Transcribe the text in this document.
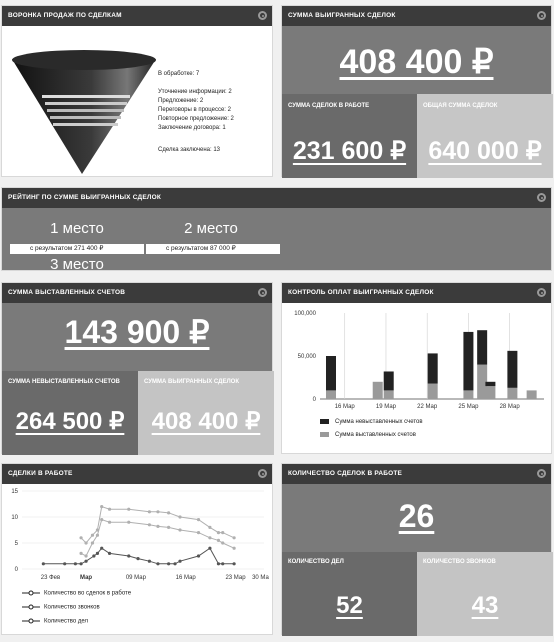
ВОРОНКА ПРОДАЖ ПО СДЕЛКАМ
В обработке: 7
Уточнение информации: 2
Предложение: 2
Переговоры в процессе: 2
Повторное предложение: 2
Заключение договора: 1
Сделка заключена: 13
СУММА ВЫИГРАННЫХ СДЕЛОК
408 400 ₽
СУММА СДЕЛОК В РАБОТЕ
231 600 ₽
ОБЩАЯ СУММА СДЕЛОК
640 000 ₽
РЕЙТИНГ ПО СУММЕ ВЫИГРАННЫХ СДЕЛОК
1 место
с результатом 271 400 ₽
2 место
с результатом 87 000 ₽
3 место
СУММА ВЫСТАВЛЕННЫХ СЧЕТОВ
143 900 ₽
СУММА НЕВЫСТАВЛЕННЫХ СЧЕТОВ
264 500 ₽
СУММА ВЫИГРАННЫХ СДЕЛОК
408 400 ₽
КОНТРОЛЬ ОПЛАТ ВЫИГРАННЫХ СДЕЛОК
0
50,000
100,000
16 Мар	19 Мар	22 Мар	25 Мар	28 Мар
Сумма невыставленных счетов
Сумма выставленных счетов
СДЕЛКИ В РАБОТЕ
0
5
10
15
23 Фев	Мар	09 Мар	16 Мар	23 Мар 30 Ма
Количество во сделок в работе
Количество звонков
Количество дел
КОЛИЧЕСТВО СДЕЛОК В РАБОТЕ
26
КОЛИЧЕСТВО ДЕЛ
52
КОЛИЧЕСТВО ЗВОНКОВ
43
